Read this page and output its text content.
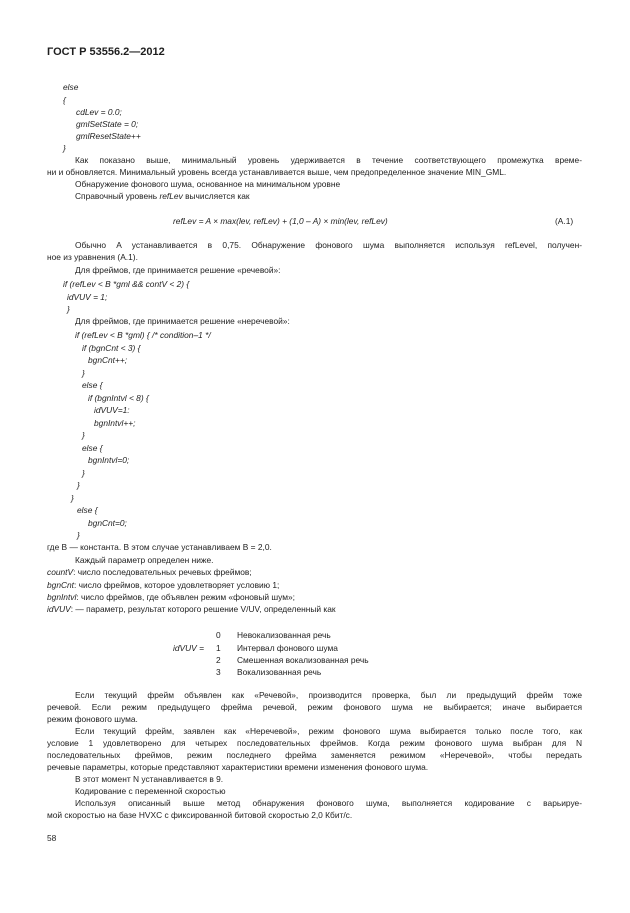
ГОСТ Р 53556.2—2012
else
{
cdLev = 0.0;
gmlSetState = 0;
gmlResetState++
}
Как показано выше, минимальный уровень удерживается в течение соответствующего промежутка време-
ни и обновляется. Минимальный уровень всегда устанавливается выше, чем предопределенное значение MIN_GML.
Обнаружение фонового шума, основанное на минимальном уровне
Справочный уровень refLev вычисляется как
refLev = A × max(lev, refLev) + (1,0 – A) × min(lev, refLev)	(A.1)
Обычно A устанавливается в 0,75. Обнаружение фонового шума выполняется используя refLevel, получен-
ное из уравнения (А.1).
Для фреймов, где принимается решение «речевой»:
if (refLev < B *gml && contV < 2) {
idVUV = 1;
}
Для фреймов, где принимается решение «неречевой»:
if (refLev < B *gml) { /* condition–1 */
if (bgnCnt < 3) {
bgnCnt++;
}
else {
if (bgnIntvl < 8) {
idVUV=1:
bgnIntvl++;
}
else {
bgnIntvl=0;
}
}
}
else {
bgnCnt=0;
}
где B — константа. В этом случае устанавливаем B = 2,0.
Каждый параметр определен ниже.
countV: число последовательных речевых фреймов;
bgnCnt: число фреймов, которое удовлетворяет условию 1;
bgnIntvl: число фреймов, где объявлен режим «фоновый шум»;
idVUV: — параметр, результат которого решение V/UV, определенный как
idVUV =
0 Невокализованная речь
1 Интервал фонового шума
2 Смешенная вокализованная речь
3 Вокализованная речь
Если текущий фрейм объявлен как «Речевой», производится проверка, был ли предыдущий фрейм тоже
речевой. Если режим предыдущего фрейма речевой, режим фонового шума не выбирается; иначе выбирается
режим фонового шума.
Если текущий фрейм, заявлен как «Неречевой», режим фонового шума выбирается только после того, как
условие 1 удовлетворено для четырех последовательных фреймов. Когда режим фонового шума выбран для N
последовательных фреймов, режим последнего фрейма заменяется режимом «Неречевой», чтобы передать
речевые параметры, которые представляют характеристики времени изменения фонового шума.
В этот момент N устанавливается в 9.
Кодирование с переменной скоростью
Используя описанный выше метод обнаружения фонового шума, выполняется кодирование с варьируе-
мой скоростью на базе HVXC с фиксированной битовой скоростью 2,0 Кбит/с.
58
